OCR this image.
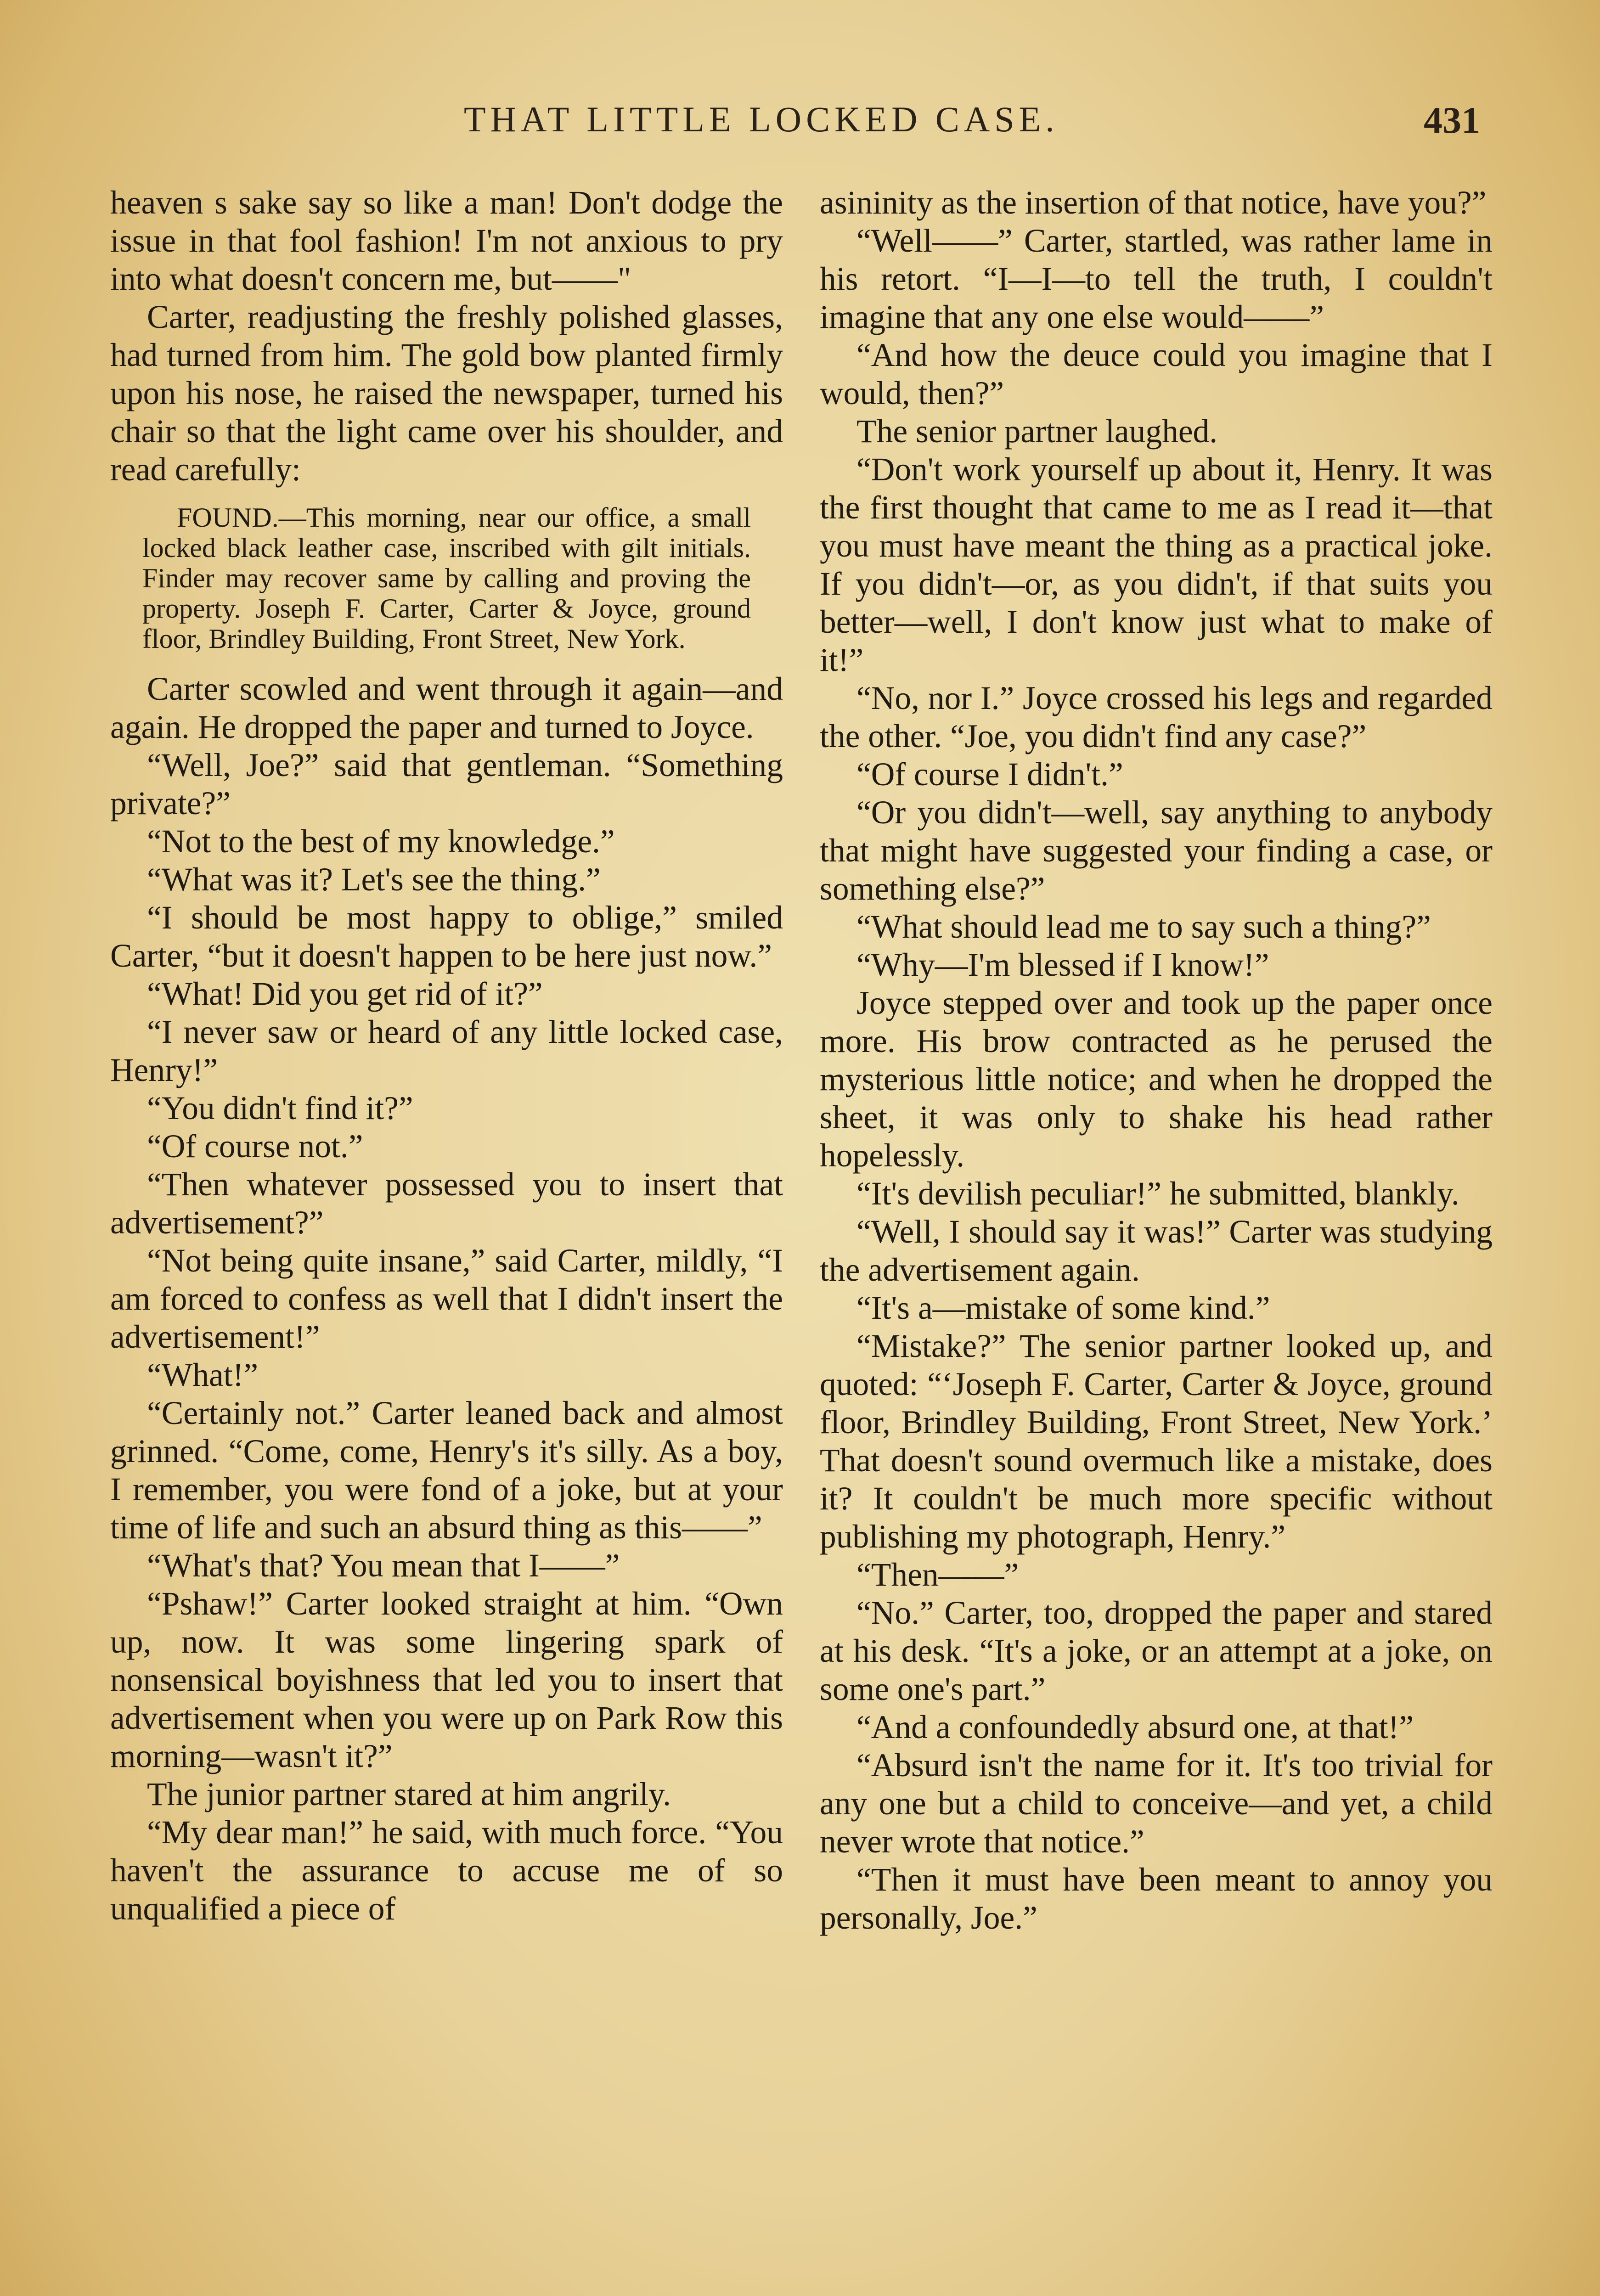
THAT LITTLE LOCKED CASE.	431

heaven s sake say so like a man! Don't dodge the issue in that fool fashion! I'm not anxious to pry into what doesn't concern me, but——"

Carter, readjusting the freshly polished glasses, had turned from him. The gold bow planted firmly upon his nose, he raised the newspaper, turned his chair so that the light came over his shoulder, and read carefully:

FOUND.—This morning, near our office, a small locked black leather case, inscribed with gilt initials. Finder may recover same by calling and proving the property. Joseph F. Carter, Carter & Joyce, ground floor, Brindley Building, Front Street, New York.

Carter scowled and went through it again—and again. He dropped the paper and turned to Joyce.

“Well, Joe?” said that gentleman. “Something private?”

“Not to the best of my knowledge.”

“What was it? Let's see the thing.”

“I should be most happy to oblige,” smiled Carter, “but it doesn't happen to be here just now.”

“What! Did you get rid of it?”

“I never saw or heard of any little locked case, Henry!”

“You didn't find it?”

“Of course not.”

“Then whatever possessed you to insert that advertisement?”

“Not being quite insane,” said Carter, mildly, “I am forced to confess as well that I didn't insert the advertisement!”

“What!”

“Certainly not.” Carter leaned back and almost grinned. “Come, come, Henry's it's silly. As a boy, I remember, you were fond of a joke, but at your time of life and such an absurd thing as this——”

“What's that? You mean that I——”

“Pshaw!” Carter looked straight at him. “Own up, now. It was some lingering spark of nonsensical boyishness that led you to insert that advertisement when you were up on Park Row this morning—wasn't it?”

The junior partner stared at him angrily.

“My dear man!” he said, with much force. “You haven't the assurance to accuse me of so unqualified a piece of

asininity as the insertion of that notice, have you?”

“Well——” Carter, startled, was rather lame in his retort. “I—I—to tell the truth, I couldn't imagine that any one else would——”

“And how the deuce could you imagine that I would, then?”

The senior partner laughed.

“Don't work yourself up about it, Henry. It was the first thought that came to me as I read it—that you must have meant the thing as a practical joke. If you didn't—or, as you didn't, if that suits you better—well, I don't know just what to make of it!”

“No, nor I.” Joyce crossed his legs and regarded the other. “Joe, you didn't find any case?”

“Of course I didn't.”

“Or you didn't—well, say anything to anybody that might have suggested your finding a case, or something else?”

“What should lead me to say such a thing?”

“Why—I'm blessed if I know!”

Joyce stepped over and took up the paper once more. His brow contracted as he perused the mysterious little notice; and when he dropped the sheet, it was only to shake his head rather hopelessly.

“It's devilish peculiar!” he submitted, blankly.

“Well, I should say it was!” Carter was studying the advertisement again.

“It's a—mistake of some kind.”

“Mistake?” The senior partner looked up, and quoted: “‘Joseph F. Carter, Carter & Joyce, ground floor, Brindley Building, Front Street, New York.’ That doesn't sound overmuch like a mistake, does it? It couldn't be much more specific without publishing my photograph, Henry.”

“Then——”

“No.” Carter, too, dropped the paper and stared at his desk. “It's a joke, or an attempt at a joke, on some one's part.”

“And a confoundedly absurd one, at that!”

“Absurd isn't the name for it. It's too trivial for any one but a child to conceive—and yet, a child never wrote that notice.”

“Then it must have been meant to annoy you personally, Joe.”
